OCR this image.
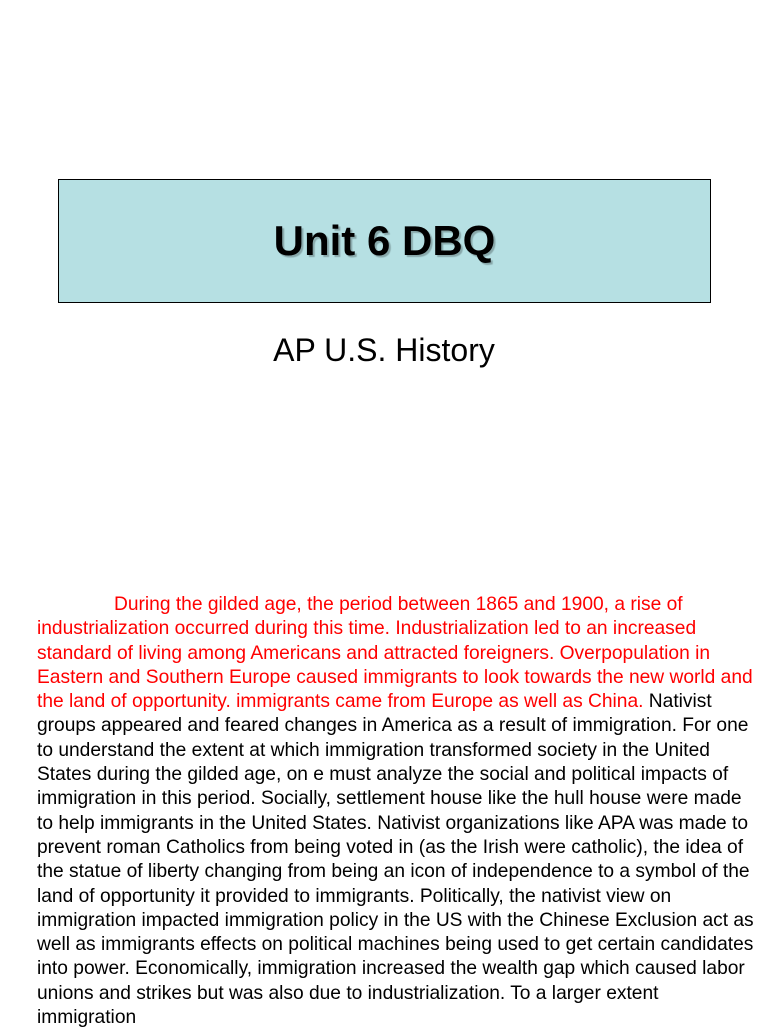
Unit 6 DBQ

AP U.S. History

During the gilded age, the period between 1865 and 1900, a rise of industrialization occurred during this time. Industrialization led to an increased standard of living among Americans and attracted foreigners. Overpopulation in Eastern and Southern Europe caused immigrants to look towards the new world and the land of opportunity. immigrants came from Europe as well as China. Nativist groups appeared and feared changes in America as a result of immigration. For one to understand the extent at which immigration transformed society in the United States during the gilded age, on e must analyze the social and political impacts of immigration in this period. Socially, settlement house like the hull house were made to help immigrants in the United States. Nativist organizations like APA was made to prevent roman Catholics from being voted in (as the Irish were catholic), the idea of the statue of liberty changing from being an icon of independence to a symbol of the land of opportunity it provided to immigrants. Politically, the nativist view on immigration impacted immigration policy in the US with the Chinese Exclusion act as well as immigrants effects on political machines being used to get certain candidates into power. Economically, immigration increased the wealth gap which caused labor unions and strikes but was also due to industrialization. To a larger extent immigration
